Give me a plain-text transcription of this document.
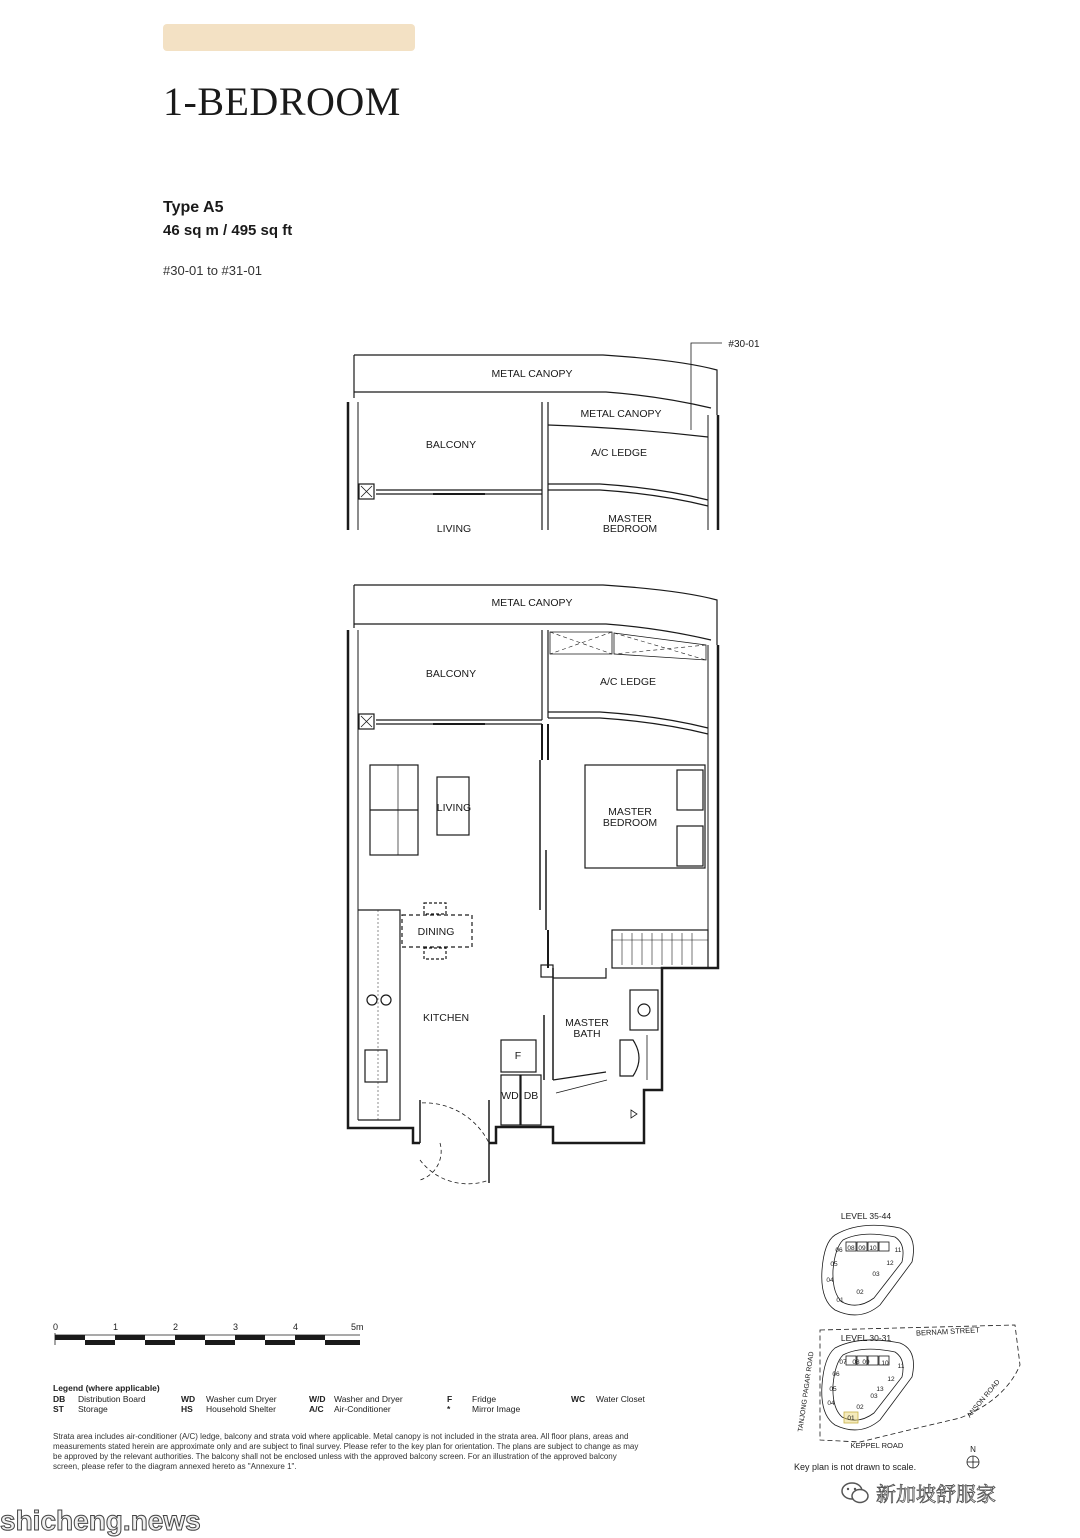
1-BEDROOM
Type A5
46 sq m / 495 sq ft
#30-01 to #31-01
METAL CANOPY
METAL CANOPY
BALCONY
A/C LEDGE
LIVING
MASTER
BEDROOM
#30-01
METAL CANOPY
BALCONY
A/C LEDGE
LIVING	MASTER
BEDROOM
DINING
KITCHEN	MASTER
BATH
F
WD DB
LEVEL 35-44
LEVEL 30-31
BERNAM STREET
TANJONG PAGAR ROAD	ANSON ROAD
KEPPEL ROAD	N
08 09 10	11
12
06
05
04
03
02
01
07 08 09 10 11
12
06
05
04
03
13
02
01
0	1	2	3	4	5m
Legend (where applicable)
DB Distribution Board
ST Storage
WD Washer cum Dryer
HS Household Shelter
W/D Washer and Dryer
A/C Air-Conditioner
F Fridge
*	Mirror Image
WC Water Closet
Strata area includes air-conditioner (A/C) ledge, balcony and strata void where applicable. Metal canopy is not included in the strata area. All floor plans, areas and measurements stated herein are approximate only and are subject to final survey. Please refer to the key plan for orientation. The plans are subject to change as may be approved by the relevant authorities. The balcony shall not be enclosed unless with the approved balcony screen. For an illustration of the approved balcony screen, please refer to the diagram annexed hereto as "Annexure 1".	Key plan is not drawn to scale.
新加坡舒服家
shicheng.news
